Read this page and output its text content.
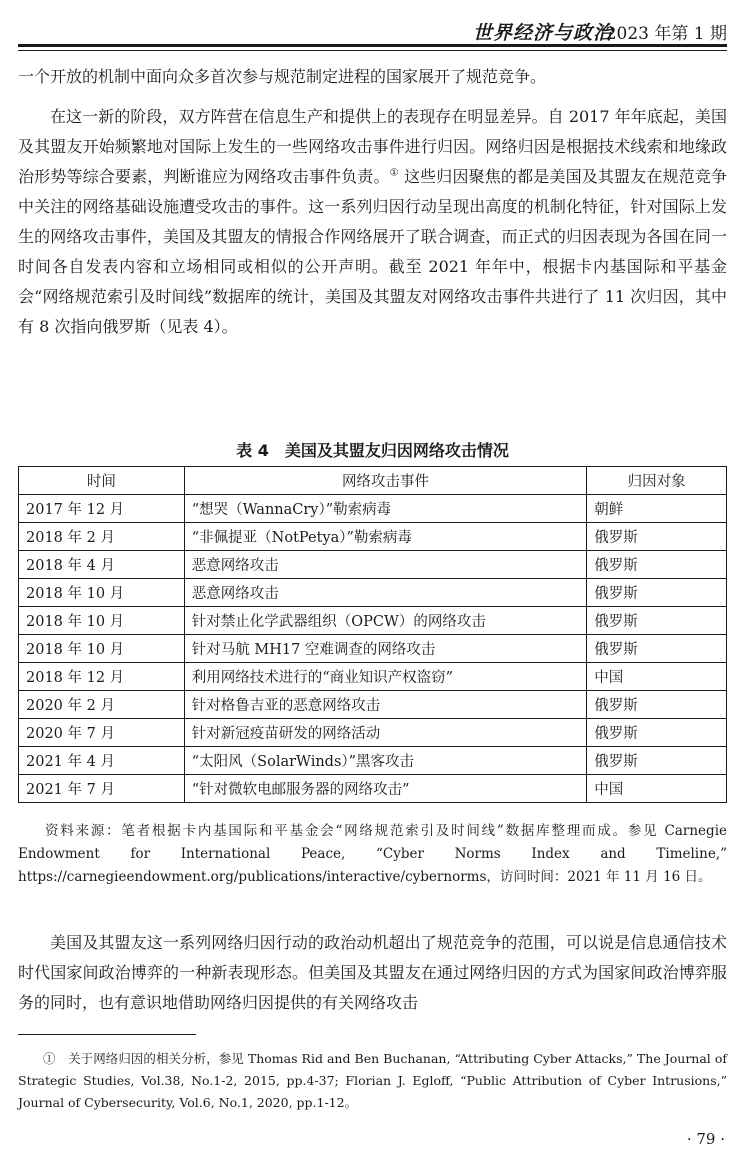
世界经济与政治
2023 年第 1 期

一个开放的机制中面向众多首次参与规范制定进程的国家展开了规范竞争。

在这一新的阶段，双方阵营在信息生产和提供上的表现存在明显差异。自 2017 年年底起，美国及其盟友开始频繁地对国际上发生的一些网络攻击事件进行归因。网络归因是根据技术线索和地缘政治形势等综合要素，判断谁应为网络攻击事件负责。① 这些归因聚焦的都是美国及其盟友在规范竞争中关注的网络基础设施遭受攻击的事件。这一系列归因行动呈现出高度的机制化特征，针对国际上发生的网络攻击事件，美国及其盟友的情报合作网络展开了联合调查，而正式的归因表现为各国在同一时间各自发表内容和立场相同或相似的公开声明。截至 2021 年年中，根据卡内基国际和平基金会“网络规范索引及时间线”数据库的统计，美国及其盟友对网络攻击事件共进行了 11 次归因，其中有 8 次指向俄罗斯（见表 4）。

表 4　美国及其盟友归因网络攻击情况
时间	网络攻击事件	归因对象
2017 年 12 月	“想哭（WannaCry）”勒索病毒	朝鲜
2018 年 2 月	“非佩提亚（NotPetya）”勒索病毒	俄罗斯
2018 年 4 月	恶意网络攻击	俄罗斯
2018 年 10 月	恶意网络攻击	俄罗斯
2018 年 10 月	针对禁止化学武器组织（OPCW）的网络攻击	俄罗斯
2018 年 10 月	针对马航 MH17 空难调查的网络攻击	俄罗斯
2018 年 12 月	利用网络技术进行的“商业知识产权盗窃”	中国
2020 年 2 月	针对格鲁吉亚的恶意网络攻击	俄罗斯
2020 年 7 月	针对新冠疫苗研发的网络活动	俄罗斯
2021 年 4 月	“太阳风（SolarWinds）”黑客攻击	俄罗斯
2021 年 7 月	“针对微软电邮服务器的网络攻击”	中国

资料来源：笔者根据卡内基国际和平基金会“网络规范索引及时间线”数据库整理而成。参见 Carnegie Endowment for International Peace, “Cyber Norms Index and Timeline,” https://carnegieendowment.org/publications/interactive/cybernorms，访问时间：2021 年 11 月 16 日。

美国及其盟友这一系列网络归因行动的政治动机超出了规范竞争的范围，可以说是信息通信技术时代国家间政治博弈的一种新表现形态。但美国及其盟友在通过网络归因的方式为国家间政治博弈服务的同时，也有意识地借助网络归因提供的有关网络攻击

①　关于网络归因的相关分析，参见 Thomas Rid and Ben Buchanan, “Attributing Cyber Attacks,” The Journal of Strategic Studies, Vol.38, No.1-2, 2015, pp.4-37; Florian J. Egloff, “Public Attribution of Cyber Intrusions,” Journal of Cybersecurity, Vol.6, No.1, 2020, pp.1-12。

· 79 ·
